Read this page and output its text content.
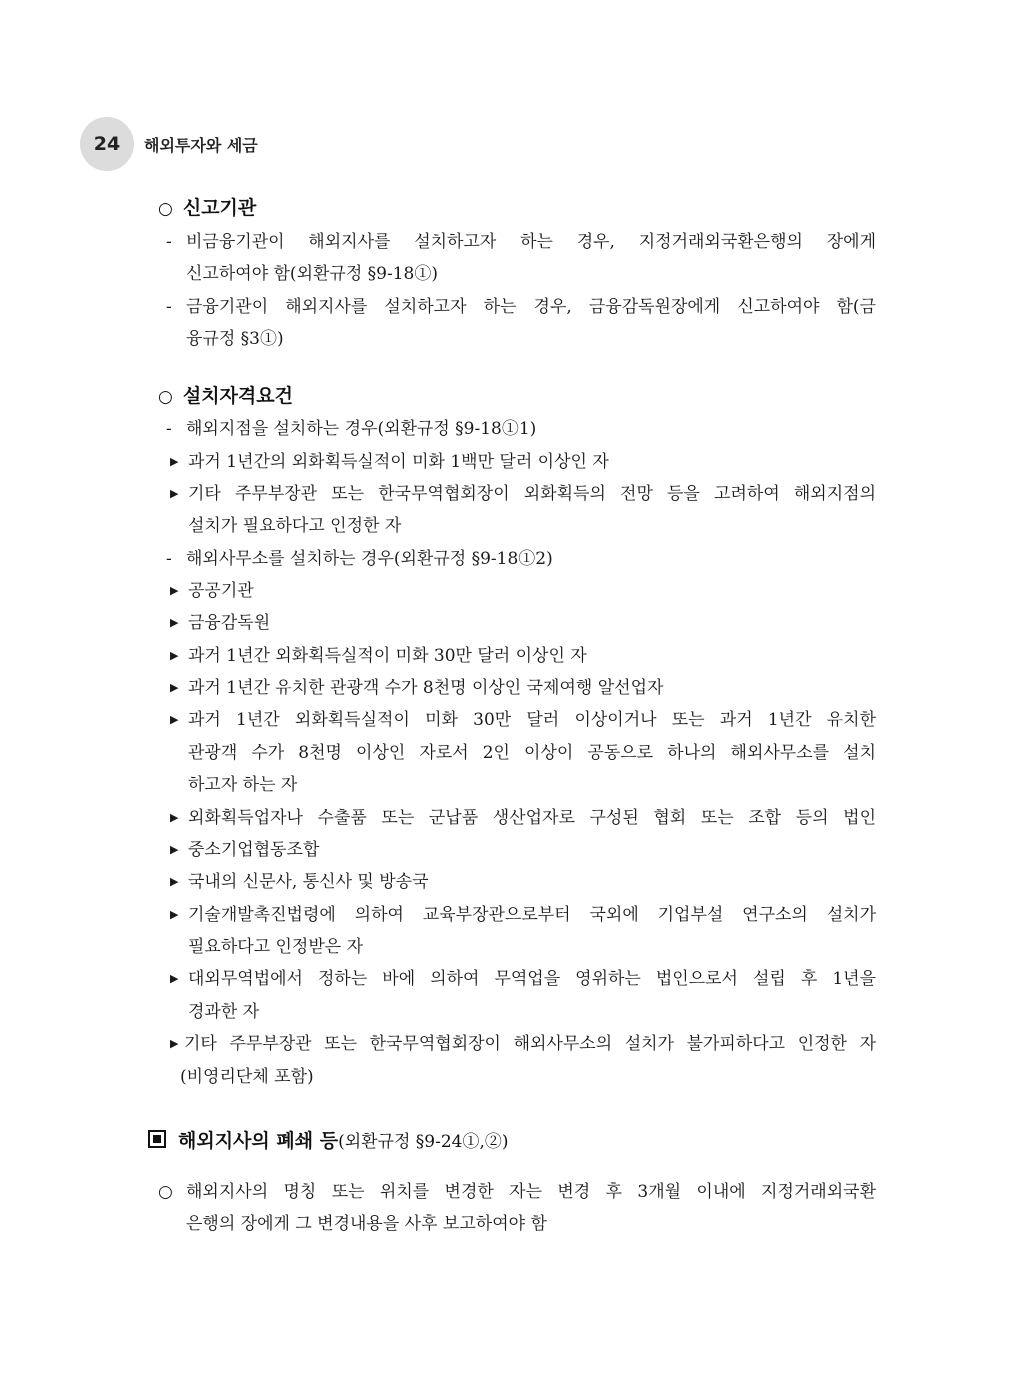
24	해외투자와 세금
○ 신고기관
- 비금융기관이 해외지사를 설치하고자 하는 경우, 지정거래외국환은행의 장에게
신고하여야 함(외환규정 §9-18①)
- 금융기관이 해외지사를 설치하고자 하는 경우, 금융감독원장에게 신고하여야 함(금
융규정 §3①)
○ 설치자격요건
- 해외지점을 설치하는 경우(외환규정 §9-18①1)
▶ 과거 1년간의 외화획득실적이 미화 1백만 달러 이상인 자
▶ 기타 주무부장관 또는 한국무역협회장이 외화획득의 전망 등을 고려하여 해외지점의
설치가 필요하다고 인정한 자
- 해외사무소를 설치하는 경우(외환규정 §9-18①2)
▶ 공공기관
▶ 금융감독원
▶ 과거 1년간 외화획득실적이 미화 30만 달러 이상인 자
▶ 과거 1년간 유치한 관광객 수가 8천명 이상인 국제여행 알선업자
▶ 과거 1년간 외화획득실적이 미화 30만 달러 이상이거나 또는 과거 1년간 유치한
관광객 수가 8천명 이상인 자로서 2인 이상이 공동으로 하나의 해외사무소를 설치
하고자 하는 자
▶ 외화획득업자나 수출품 또는 군납품 생산업자로 구성된 협회 또는 조합 등의 법인
▶ 중소기업협동조합
▶ 국내의 신문사, 통신사 및 방송국
▶ 기술개발촉진법령에 의하여 교육부장관으로부터 국외에 기업부설 연구소의 설치가
필요하다고 인정받은 자
▶ 대외무역법에서 정하는 바에 의하여 무역업을 영위하는 법인으로서 설립 후 1년을
경과한 자
▶ 기타 주무부장관 또는 한국무역협회장이 해외사무소의 설치가 불가피하다고 인정한 자
(비영리단체 포함)
해외지사의 폐쇄 등(외환규정 §9-24①,②)
○ 해외지사의 명칭 또는 위치를 변경한 자는 변경 후 3개월 이내에 지정거래외국환
은행의 장에게 그 변경내용을 사후 보고하여야 함
